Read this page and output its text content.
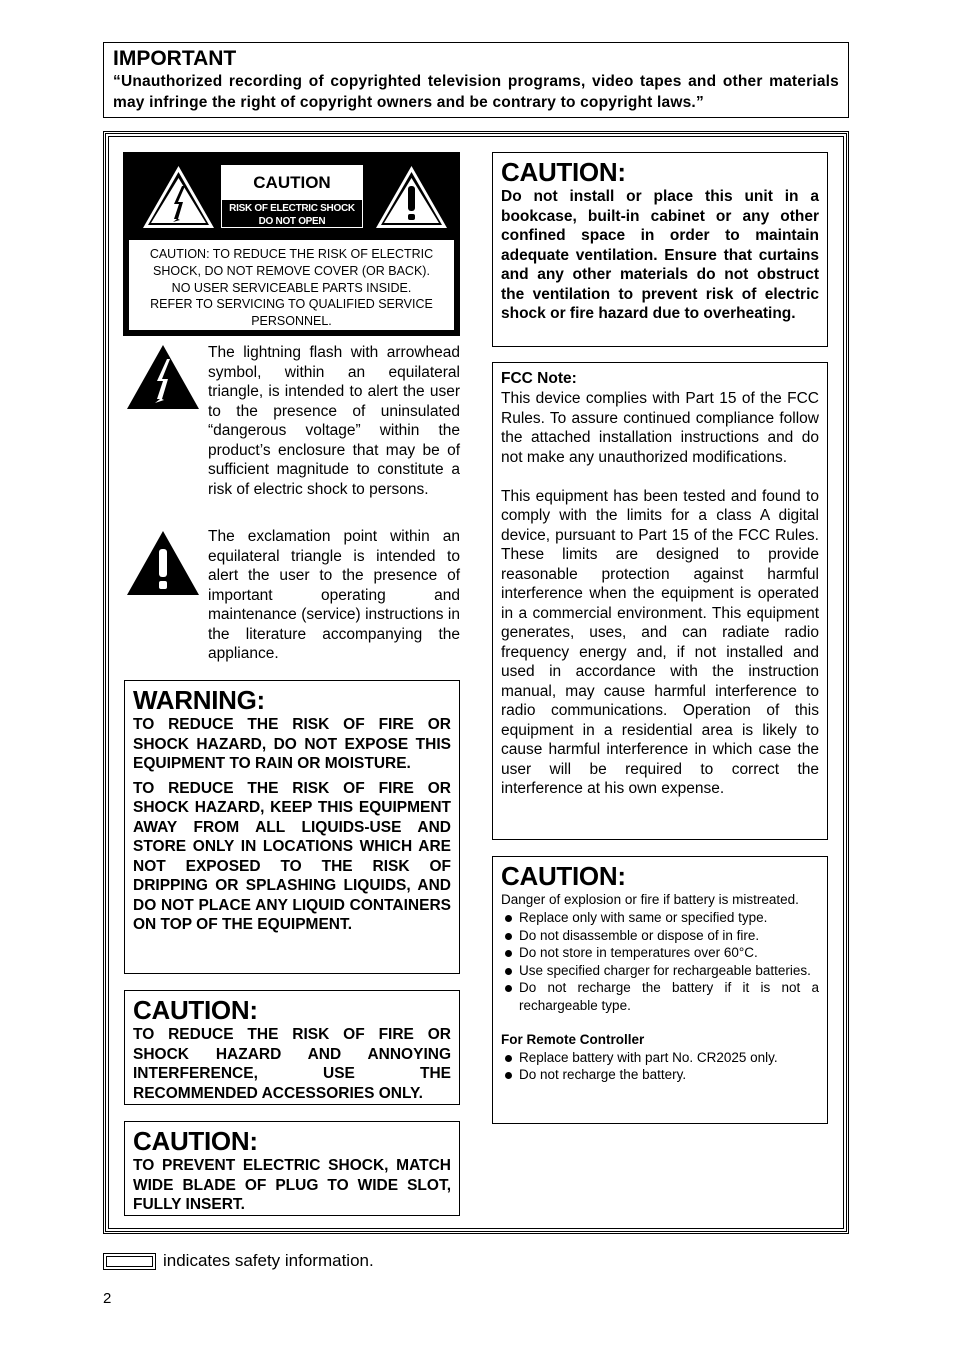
IMPORTANT
“Unauthorized recording of copyrighted television programs, video tapes and other materials may infringe the right of copyright owners and be contrary to copyright laws.”
CAUTION
RISK OF ELECTRIC SHOCK
DO NOT OPEN
CAUTION: TO REDUCE THE RISK OF ELECTRIC
SHOCK, DO NOT REMOVE COVER (OR BACK).
NO USER SERVICEABLE PARTS INSIDE.
REFER TO SERVICING TO QUALIFIED SERVICE
PERSONNEL.
The lightning flash with arrowhead symbol, within an equilateral triangle, is intended to alert the user to the presence of uninsulated “dangerous voltage” within the product’s enclosure that may be of sufficient magnitude to constitute a risk of electric shock to persons.
The exclamation point within an equilateral triangle is intended to alert the user to the presence of important operating and maintenance (service) instructions in the literature accompanying the appliance.
WARNING:
TO REDUCE THE RISK OF FIRE OR SHOCK HAZARD, DO NOT EXPOSE THIS EQUIPMENT TO RAIN OR MOISTURE.
TO REDUCE THE RISK OF FIRE OR SHOCK HAZARD, KEEP THIS EQUIPMENT AWAY FROM ALL LIQUIDS-USE AND STORE ONLY IN LOCATIONS WHICH ARE NOT EXPOSED TO THE RISK OF DRIPPING OR SPLASHING LIQUIDS, AND DO NOT PLACE ANY LIQUID CONTAINERS ON TOP OF THE EQUIPMENT.
CAUTION:
TO REDUCE THE RISK OF FIRE OR SHOCK HAZARD AND ANNOYING INTERFERENCE, USE THE RECOMMENDED ACCESSORIES ONLY.
CAUTION:
TO PREVENT ELECTRIC SHOCK, MATCH WIDE BLADE OF PLUG TO WIDE SLOT, FULLY INSERT.
CAUTION:
Do not install or place this unit in a bookcase, built-in cabinet or any other confined space in order to maintain adequate ventilation. Ensure that curtains and any other materials do not obstruct the ventilation to prevent risk of electric shock or fire hazard due to overheating.
FCC Note:
This device complies with Part 15 of the FCC Rules. To assure continued compliance follow the attached installation instructions and do not make any unauthorized modifications.
This equipment has been tested and found to comply with the limits for a class A digital device, pursuant to Part 15 of the FCC Rules. These limits are designed to provide reasonable protection against harmful interference when the equipment is operated in a commercial environment. This equipment generates, uses, and can radiate radio frequency energy and, if not installed and used in accordance with the instruction manual, may cause harmful interference to radio communications. Operation of this equipment in a residential area is likely to cause harmful interference in which case the user will be required to correct the interference at his own expense.
CAUTION:
Danger of explosion or fire if battery is mistreated.
Replace only with same or specified type.
Do not disassemble or dispose of in fire.
Do not store in temperatures over 60°C.
Use specified charger for rechargeable batteries.
Do not recharge the battery if it is not a rechargeable type.
For Remote Controller
Replace battery with part No. CR2025 only.
Do not recharge the battery.
indicates safety information.
2
